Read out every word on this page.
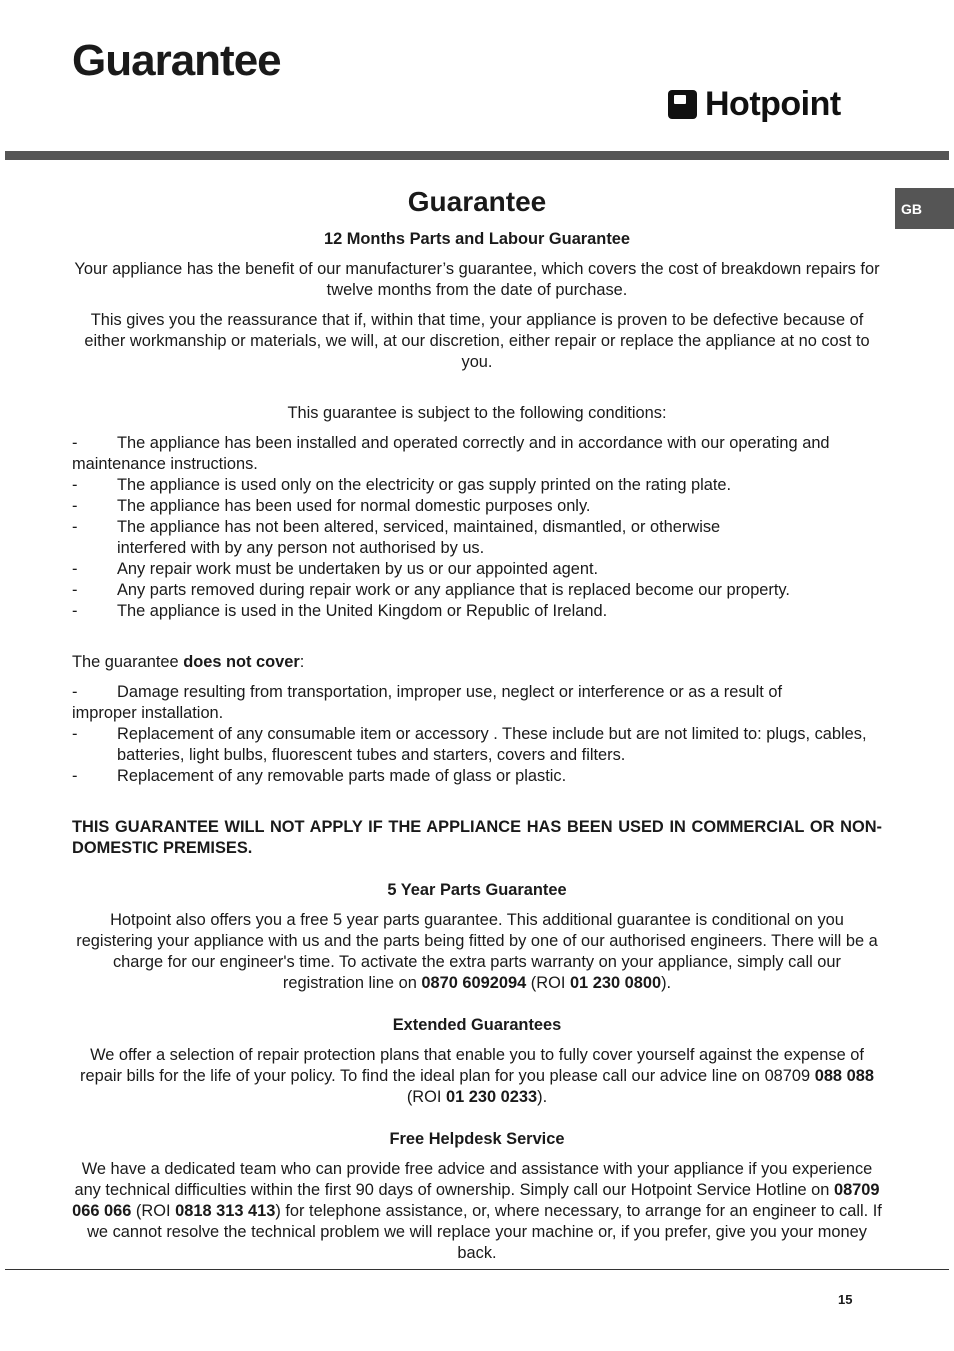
Guarantee
Hotpoint
GB
Guarantee
12 Months Parts and Labour Guarantee

Your appliance has the benefit of our manufacturer’s guarantee, which covers the cost of breakdown repairs for twelve months from the date of purchase.

This gives you the reassurance that if, within that time, your appliance is proven to be defective because of either workmanship or materials, we will, at our discretion, either repair or replace the appliance at no cost to you.

This guarantee is subject to the following conditions:

- The appliance has been installed and operated correctly and in accordance with our operating and maintenance instructions.
-	The appliance is used only on the electricity or gas supply printed on the rating plate.
-	The appliance has been used for normal domestic purposes only.
-	The appliance has not been altered, serviced, maintained, dismantled, or otherwise interfered with by any person not authorised by us.
-	Any repair work must be undertaken by us or our appointed agent.
-	Any parts removed during repair work or any appliance that is replaced become our property.
-	The appliance is used in the United Kingdom or Republic of Ireland.

The guarantee does not cover:

- Damage resulting from transportation, improper use, neglect or interference or as a result of improper installation.
-	Replacement of any consumable item or accessory . These include but are not limited to: plugs, cables, batteries, light bulbs, fluorescent tubes and starters, covers and filters.
-	Replacement of any removable parts made of glass or plastic.

THIS GUARANTEE WILL NOT APPLY IF THE APPLIANCE HAS BEEN USED IN COMMERCIAL OR NON-DOMESTIC PREMISES.

5 Year Parts Guarantee

Hotpoint also offers you a free 5 year parts guarantee. This additional guarantee is conditional on you registering your appliance with us and the parts being fitted by one of our authorised engineers. There will be a charge for our engineer's time. To activate the extra parts warranty on your appliance, simply call our registration line on 0870 6092094 (ROI 01 230 0800).

Extended Guarantees

We offer a selection of repair protection plans that enable you to fully cover yourself against the expense of repair bills for the life of your policy. To find the ideal plan for you please call our advice line on 08709 088 088 (ROI 01 230 0233).

Free Helpdesk Service

We have a dedicated team who can provide free advice and assistance with your appliance if you experience any technical difficulties within the first 90 days of ownership. Simply call our Hotpoint Service Hotline on 08709 066 066 (ROI 0818 313 413) for telephone assistance, or, where necessary, to arrange for an engineer to call. If we cannot resolve the technical problem we will replace your machine or, if you prefer, give you your money back.

15
